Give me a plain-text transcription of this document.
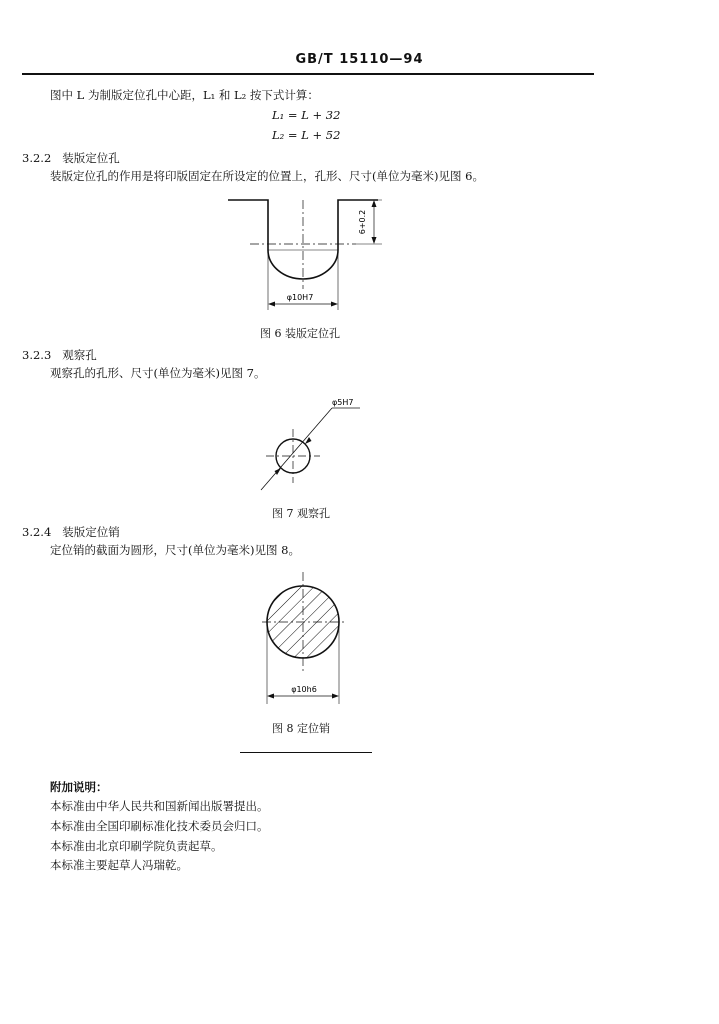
GB/T 15110—94
图中 L 为制版定位孔中心距，L₁ 和 L₂ 按下式计算：
L₁ = L + 32
L₂ = L + 52
3.2.2 装版定位孔
装版定位孔的作用是将印版固定在所设定的位置上，孔形、尺寸(单位为毫米)见图 6。
6+0.2
φ10H7
图 6 装版定位孔
3.2.3 观察孔
观察孔的孔形、尺寸(单位为毫米)见图 7。
φ5H7
图 7 观察孔
3.2.4 装版定位销
定位销的截面为圆形，尺寸(单位为毫米)见图 8。
φ10h6
图 8 定位销
附加说明：
本标准由中华人民共和国新闻出版署提出。
本标准由全国印刷标准化技术委员会归口。
本标准由北京印刷学院负责起草。
本标准主要起草人冯瑞乾。
